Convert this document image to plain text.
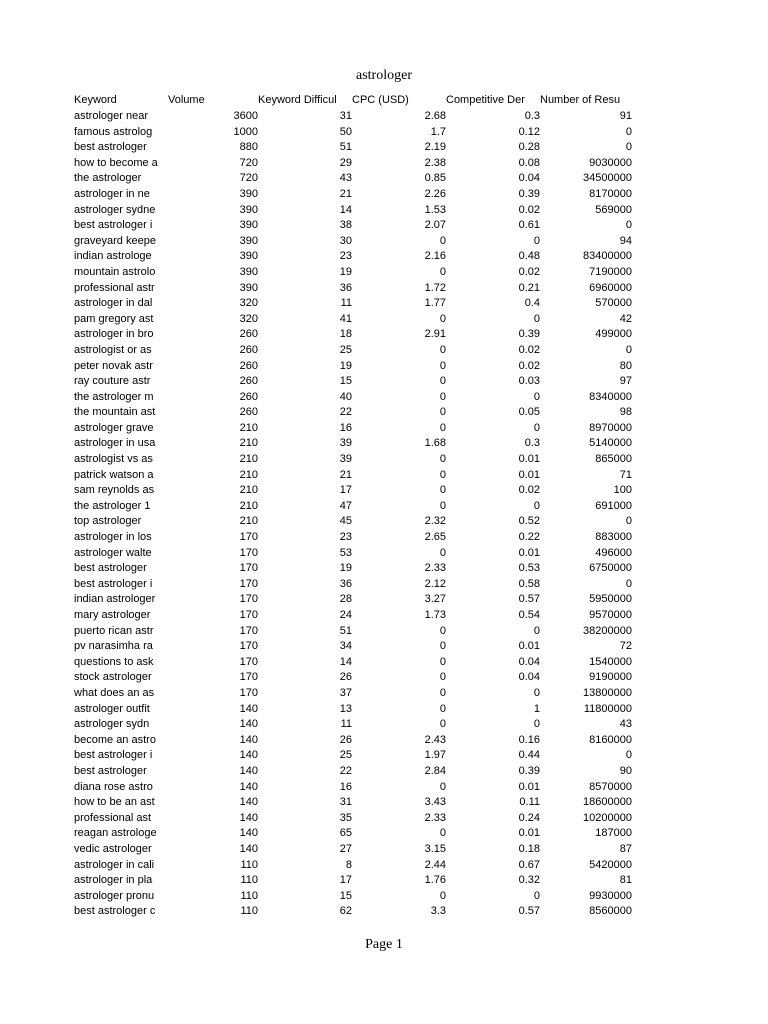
astrologer
Keyword	Volume	Keyword Difficul	CPC (USD)	Competitive Der	Number of Resu
astrologer near	3600	31	2.68	0.3	91
famous astrolog	1000	50	1.7	0.12	0
best astrologer	880	51	2.19	0.28	0
how to become a	720	29	2.38	0.08	9030000
the astrologer	720	43	0.85	0.04	34500000
astrologer in ne	390	21	2.26	0.39	8170000
astrologer sydne	390	14	1.53	0.02	569000
best astrologer i	390	38	2.07	0.61	0
graveyard keepe	390	30	0	0	94
indian astrologe	390	23	2.16	0.48	83400000
mountain astrolo	390	19	0	0.02	7190000
professional astr	390	36	1.72	0.21	6960000
astrologer in dal	320	11	1.77	0.4	570000
pam gregory ast	320	41	0	0	42
astrologer in bro	260	18	2.91	0.39	499000
astrologist or as	260	25	0	0.02	0
peter novak astr	260	19	0	0.02	80
ray couture astr	260	15	0	0.03	97
the astrologer m	260	40	0	0	8340000
the mountain ast	260	22	0	0.05	98
astrologer grave	210	16	0	0	8970000
astrologer in usa	210	39	1.68	0.3	5140000
astrologist vs as	210	39	0	0.01	865000
patrick watson a	210	21	0	0.01	71
sam reynolds as	210	17	0	0.02	100
the astrologer 1	210	47	0	0	691000
top astrologer	210	45	2.32	0.52	0
astrologer in los	170	23	2.65	0.22	883000
astrologer walte	170	53	0	0.01	496000
best astrologer	170	19	2.33	0.53	6750000
best astrologer i	170	36	2.12	0.58	0
indian astrologer	170	28	3.27	0.57	5950000
mary astrologer	170	24	1.73	0.54	9570000
puerto rican astr	170	51	0	0	38200000
pv narasimha ra	170	34	0	0.01	72
questions to ask	170	14	0	0.04	1540000
stock astrologer	170	26	0	0.04	9190000
what does an as	170	37	0	0	13800000
astrologer outfit	140	13	0	1	11800000
astrologer sydn	140	11	0	0	43
become an astro	140	26	2.43	0.16	8160000
best astrologer i	140	25	1.97	0.44	0
best astrologer	140	22	2.84	0.39	90
diana rose astro	140	16	0	0.01	8570000
how to be an ast	140	31	3.43	0.11	18600000
professional ast	140	35	2.33	0.24	10200000
reagan astrologe	140	65	0	0.01	187000
vedic astrologer	140	27	3.15	0.18	87
astrologer in cali	110	8	2.44	0.67	5420000
astrologer in pla	110	17	1.76	0.32	81
astrologer pronu	110	15	0	0	9930000
best astrologer c	110	62	3.3	0.57	8560000
Page 1
